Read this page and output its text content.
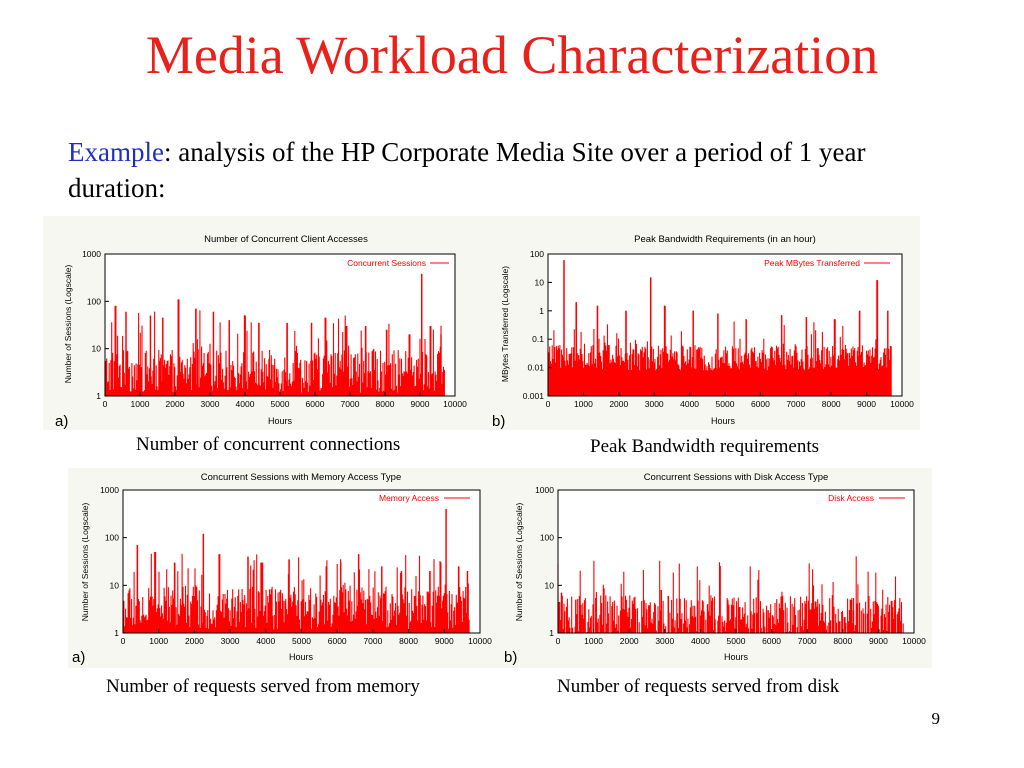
Media Workload Characterization
Example: analysis of the HP Corporate Media Site over a period of 1 year duration:
Number of Concurrent Client Accesses
a)	Hours
Number of Sessions (Logscale)
Concurrent Sessions
0	1000 2000 3000 4000 5000 6000 7000 8000 9000 10000
1
10
100
1000
Peak Bandwidth Requirements (in an hour)
b)	Hours
MBytes Transferred (Logscale)
Peak MBytes Transferred
0	1000 2000 3000 4000 5000 6000 7000 8000 9000 10000
0.001
0.01
0.1
1
10
100
Number of concurrent connections	Peak Bandwidth requirements
Concurrent Sessions with Memory Access Type
a)	Hours
Number of Sessions (Logscale)
Memory Access
0	1000 2000 3000 4000 5000 6000 7000 8000 9000 10000
1
10
100
1000
Concurrent Sessions with Disk Access Type
b)	Hours
Number of Sessions (Logscale)
Disk Access
0	1000 2000 3000 4000 5000 6000 7000 8000 9000 10000
1
10
100
1000
Number of requests served from memory	Number of requests served from disk
9
